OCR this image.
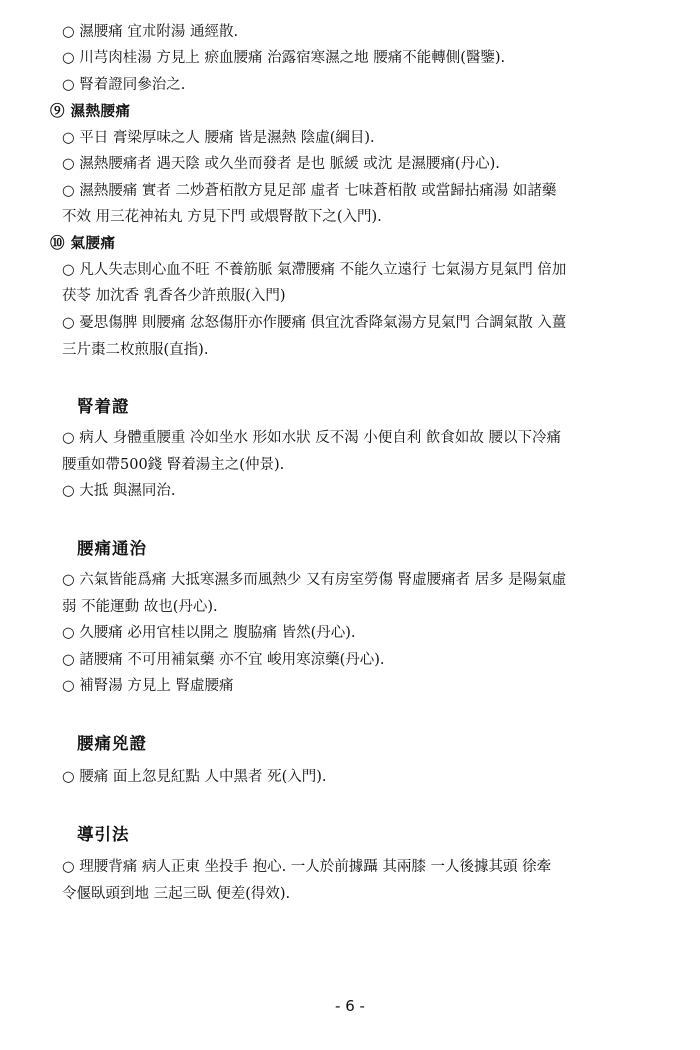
○ 濕腰痛 宜朮附湯 通經散.
○ 川芎肉桂湯 方見上 瘀血腰痛 治露宿寒濕之地 腰痛不能轉側(醫鑒).
○ 腎着證同參治之.
⑨ 濕熱腰痛
○ 平日 膏梁厚味之人 腰痛 皆是濕熱 陰虛(綱目).
○ 濕熱腰痛者 遇天陰 或久坐而發者 是也 脈緩 或沈 是濕腰痛(丹心).
○ 濕熱腰痛 實者 二炒蒼栢散方見足部 虛者 七味蒼栢散 或當歸拈痛湯 如諸藥
不效 用三花神祐丸 方見下門 或煨腎散下之(入門).
⑩ 氣腰痛
○ 凡人失志則心血不旺 不養筋脈 氣滯腰痛 不能久立遠行 七氣湯方見氣門 倍加
茯苓 加沈香 乳香各少許煎服(入門)
○ 憂思傷脾 則腰痛 忿怒傷肝亦作腰痛 俱宜沈香降氣湯方見氣門 合調氣散 入薑
三片棗二枚煎服(直指).
腎着證
○ 病人 身體重腰重 冷如坐水 形如水狀 反不渴 小便自利 飮食如故 腰以下冷痛
腰重如帶500錢 腎着湯主之(仲景).
○ 大抵 與濕同治.
腰痛通治
○ 六氣皆能爲痛 大抵寒濕多而風熱少 又有房室勞傷 腎虛腰痛者 居多 是陽氣虛
弱 不能運動 故也(丹心).
○ 久腰痛 必用官桂以開之 腹脇痛 皆然(丹心).
○ 諸腰痛 不可用補氣藥 亦不宜 峻用寒涼藥(丹心).
○ 補腎湯 方見上 腎虛腰痛
腰痛兇證
○ 腰痛 面上忽見紅點 人中黑者 死(入門).
導引法
○ 理腰背痛 病人正東 坐投手 抱心. 一人於前據躡 其兩膝 一人後據其頭 徐牽
令偃臥頭到地 三起三臥 便差(得效).
- 6 -
